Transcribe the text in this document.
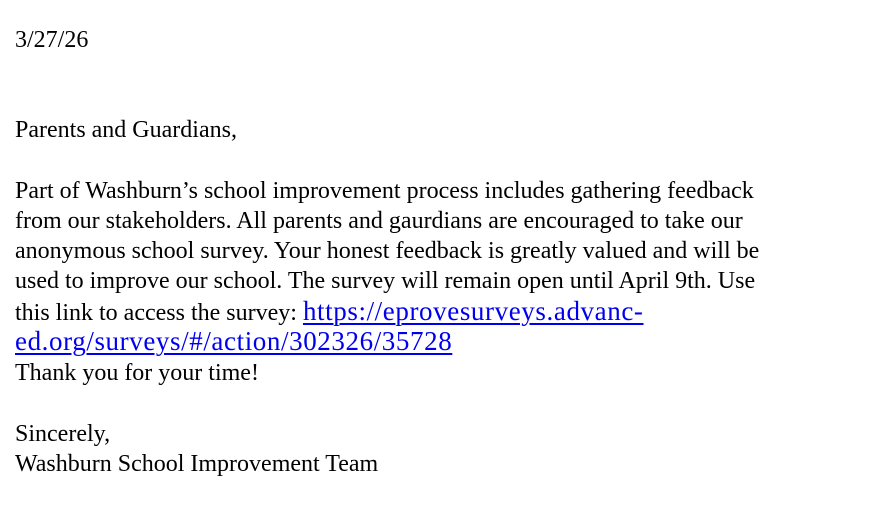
3/27/26
Parents and Guardians,
Part of Washburn’s school improvement process includes gathering feedback
from our stakeholders. All parents and gaurdians are encouraged to take our
anonymous school survey. Your honest feedback is greatly valued and will be
used to improve our school. The survey will remain open until April 9th. Use
this link to access the survey: https://eprovesurveys.advanc-
ed.org/surveys/#/action/302326/35728
Thank you for your time!
Sincerely,
Washburn School Improvement Team
